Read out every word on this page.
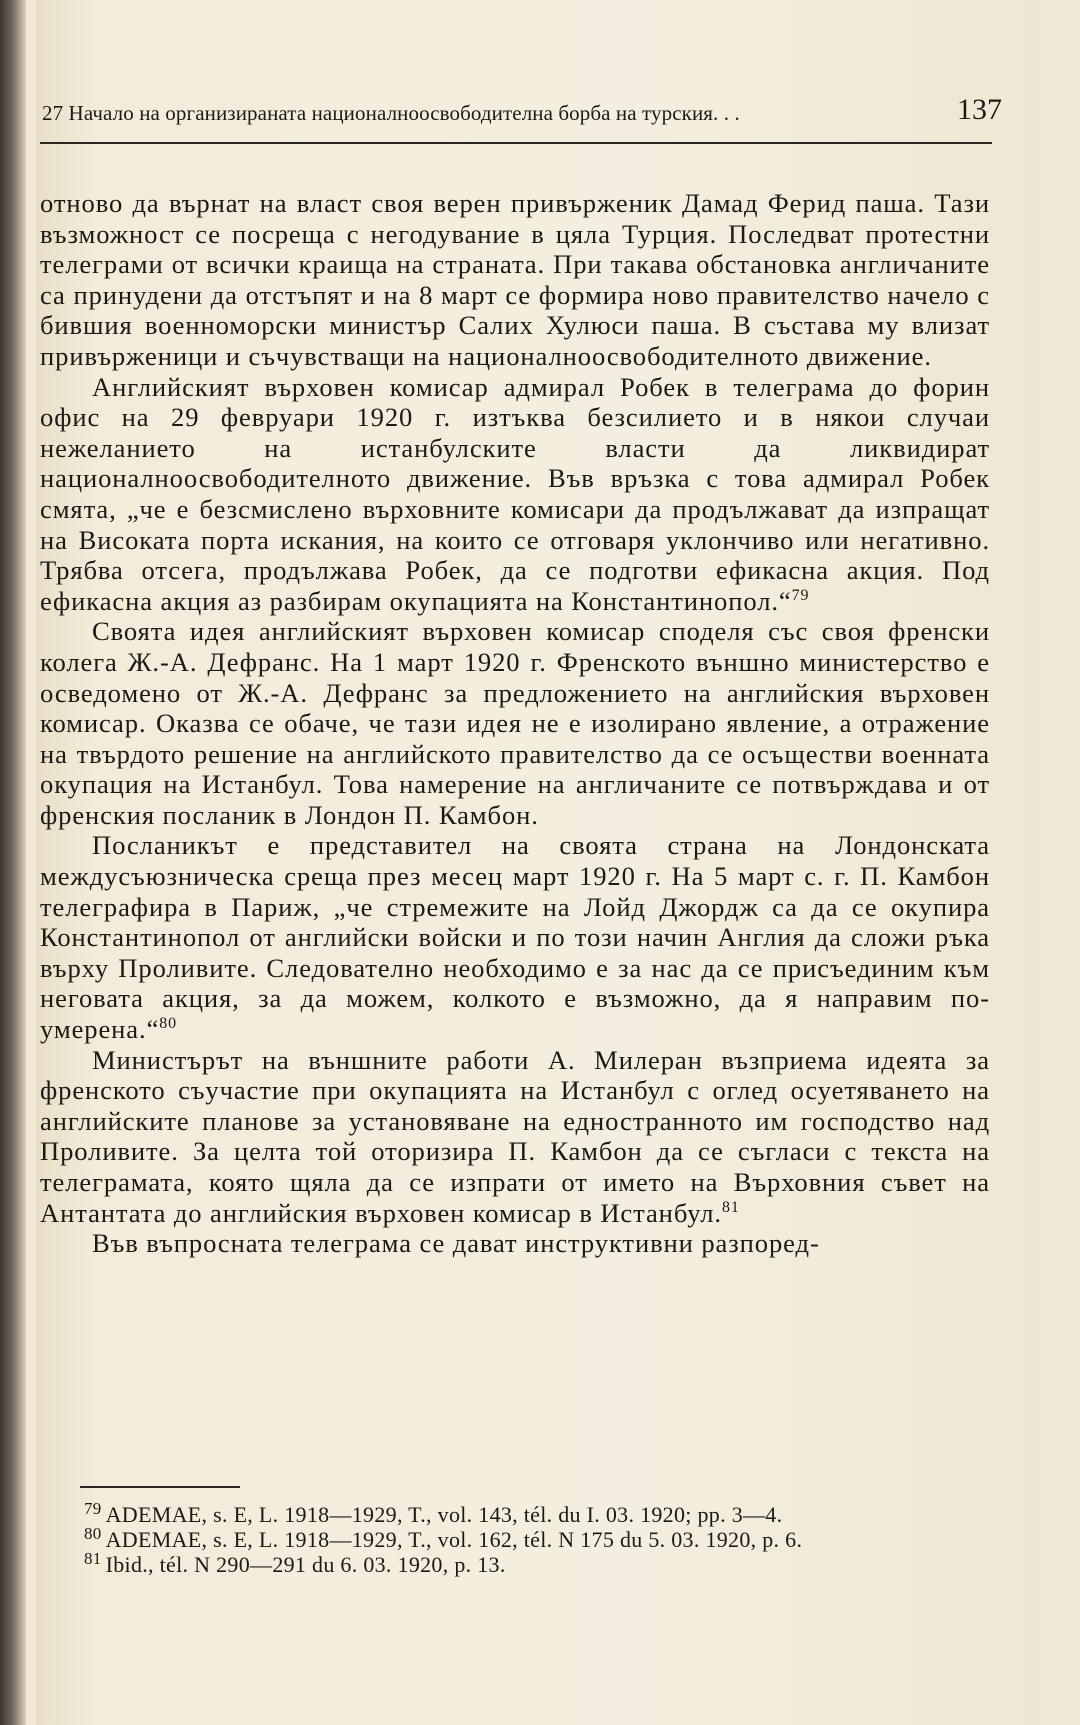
27 Начало на организираната националноосвободителна борба на турския. . .	137

отново да върнат на власт своя верен привърженик Дамад Ферид паша. Тази възможност се посреща с негодувание в цяла Турция. Последват протестни телеграми от всички краища на страната. При такава обстановка англичаните са принудени да отстъпят и на 8 март се формира ново правителство начело с бившия военноморски министър Салих Хулюси паша. В състава му влизат привърженици и съчувстващи на националноосвободителното движение.

Английският върховен комисар адмирал Робек в телеграма до форин офис на 29 февруари 1920 г. изтъква безсилието и в някои случаи нежеланието на истанбулските власти да ликвидират националноосвободителното движение. Във връзка с това адмирал Робек смята, „че е безсмислено върховните комисари да продължават да изпращат на Високата порта искания, на които се отговаря уклончиво или негативно. Трябва отсега, продължава Робек, да се подготви ефикасна акция. Под ефикасна акция аз разбирам окупацията на Константинопол.“$^{79}$

Своята идея английският върховен комисар споделя със своя френски колега Ж.-А. Дефранс. На 1 март 1920 г. Френското външно министерство е осведомено от Ж.-А. Дефранс за предложението на английския върховен комисар. Оказва се обаче, че тази идея не е изолирано явление, а отражение на твърдото решение на английското правителство да се осъществи военната окупация на Истанбул. Това намерение на англичаните се потвърждава и от френския посланик в Лондон П. Камбон.

Посланикът е представител на своята страна на Лондонската междусъюзническа среща през месец март 1920 г. На 5 март с. г. П. Камбон телеграфира в Париж, „че стремежите на Лойд Джордж са да се окупира Константинопол от английски войски и по този начин Англия да сложи ръка върху Проливите. Следователно необходимо е за нас да се присъединим към неговата акция, за да можем, колкото е възможно, да я направим по-умерена.“$^{80}$

Министърът на външните работи А. Милеран възприема идеята за френското съучастие при окупацията на Истанбул с оглед осуетяването на английските планове за установяване на едностранното им господство над Проливите. За целта той оторизира П. Камбон да се съгласи с текста на телеграмата, която щяла да се изпрати от името на Върховния съвет на Антантата до английския върховен комисар в Истанбул.$^{81}$

Във въпросната телеграма се дават инструктивни разпоред-

$^{79}$ ADEMAE, s. E, L. 1918—1929, T., vol. 143, tél. du I. 03. 1920; pp. 3—4.

$^{80}$ ADEMAE, s. E, L. 1918—1929, T., vol. 162, tél. N 175 du 5. 03. 1920, p. 6.

$^{81}$ Ibid., tél. N 290—291 du 6. 03. 1920, p. 13.
